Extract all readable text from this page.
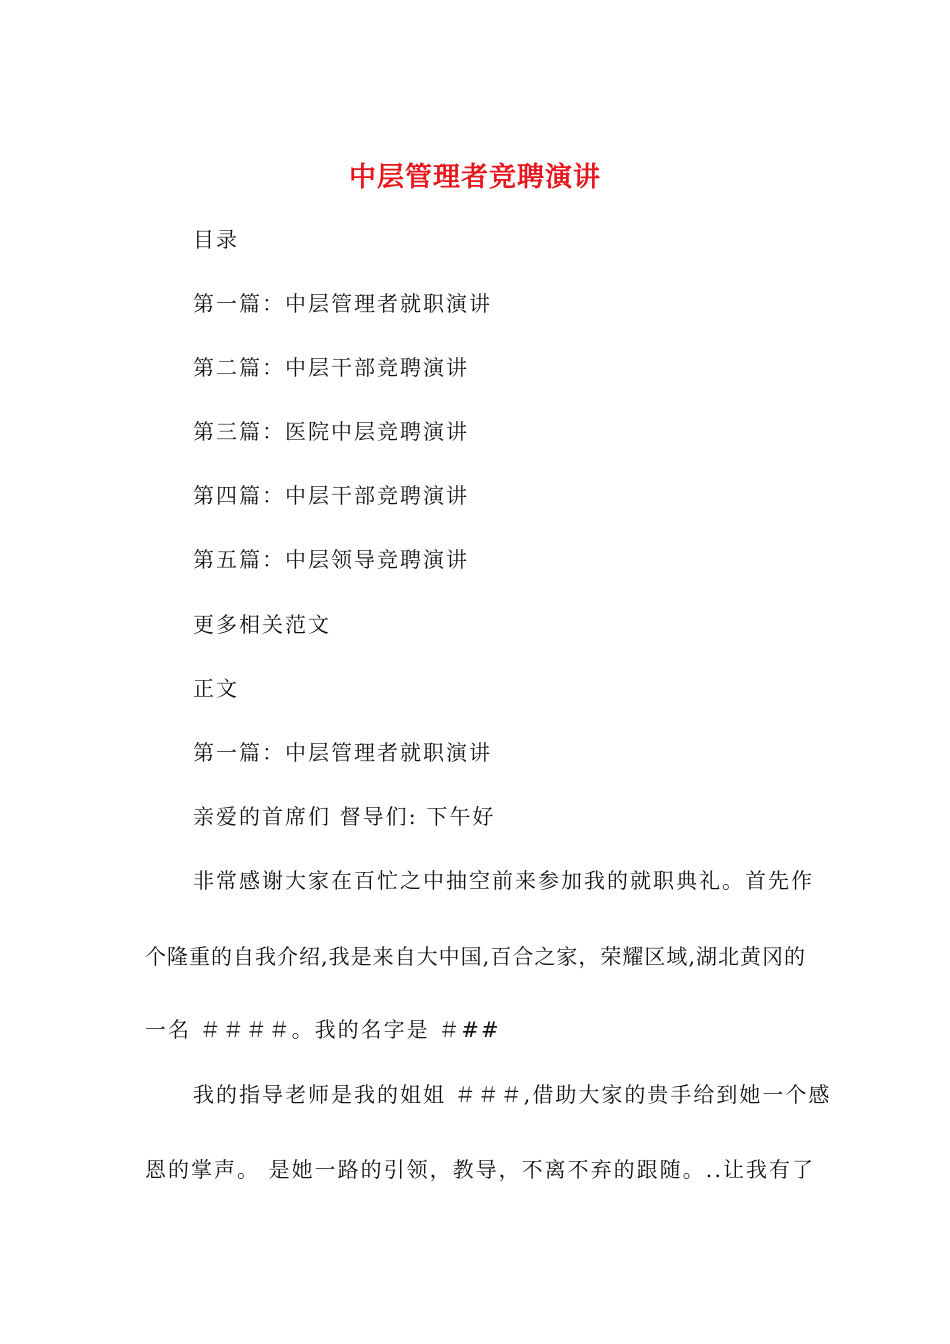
中层管理者竞聘演讲
目录
第一篇：中层管理者就职演讲
第二篇：中层干部竞聘演讲
第三篇：医院中层竞聘演讲
第四篇：中层干部竞聘演讲
第五篇：中层领导竞聘演讲
更多相关范文
正文
第一篇：中层管理者就职演讲
亲爱的首席们 督导们: 下午好
非常感谢大家在百忙之中抽空前来参加我的就职典礼。首先作
个隆重的自我介绍,我是来自大中国,百合之家，荣耀区域,湖北黄冈的
一名 ＃＃＃＃。我的名字是 ＃##
我的指导老师是我的姐姐 ＃＃＃,借助大家的贵手给到她一个感
恩的掌声。 是她一路的引领，教导，不离不弃的跟随。..让我有了
